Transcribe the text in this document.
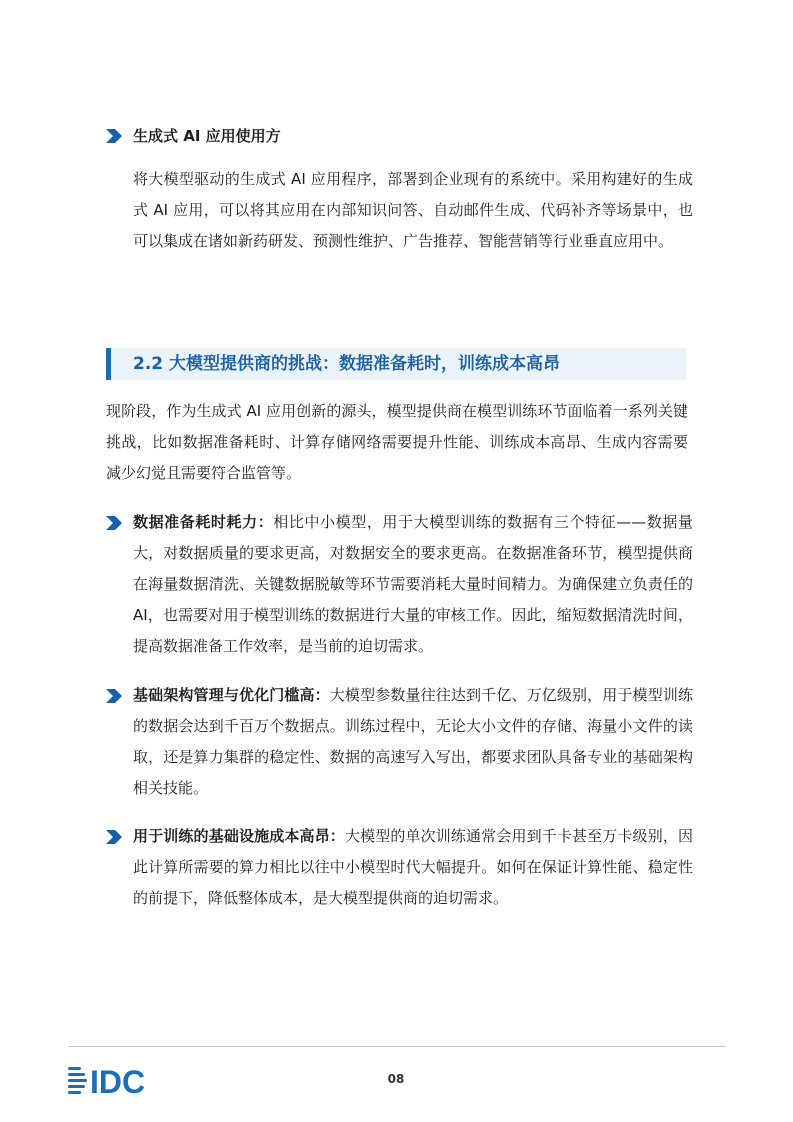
生成式 AI 应用使用方
将大模型驱动的生成式 AI 应用程序，部署到企业现有的系统中。采用构建好的生成式 AI 应用，可以将其应用在内部知识问答、自动邮件生成、代码补齐等场景中，也可以集成在诸如新药研发、预测性维护、广告推荐、智能营销等行业垂直应用中。
2.2 大模型提供商的挑战：数据准备耗时，训练成本高昂
现阶段，作为生成式 AI 应用创新的源头，模型提供商在模型训练环节面临着一系列关键挑战，比如数据准备耗时、计算存储网络需要提升性能、训练成本高昂、生成内容需要减少幻觉且需要符合监管等。
数据准备耗时耗力：相比中小模型，用于大模型训练的数据有三个特征——数据量大，对数据质量的要求更高，对数据安全的要求更高。在数据准备环节，模型提供商在海量数据清洗、关键数据脱敏等环节需要消耗大量时间精力。为确保建立负责任的 AI，也需要对用于模型训练的数据进行大量的审核工作。因此，缩短数据清洗时间，提高数据准备工作效率，是当前的迫切需求。
基础架构管理与优化门槛高：大模型参数量往往达到千亿、万亿级别，用于模型训练的数据会达到千百万个数据点。训练过程中，无论大小文件的存储、海量小文件的读取，还是算力集群的稳定性、数据的高速写入写出，都要求团队具备专业的基础架构相关技能。
用于训练的基础设施成本高昂：大模型的单次训练通常会用到千卡甚至万卡级别，因此计算所需要的算力相比以往中小模型时代大幅提升。如何在保证计算性能、稳定性的前提下，降低整体成本，是大模型提供商的迫切需求。
IDC	08
